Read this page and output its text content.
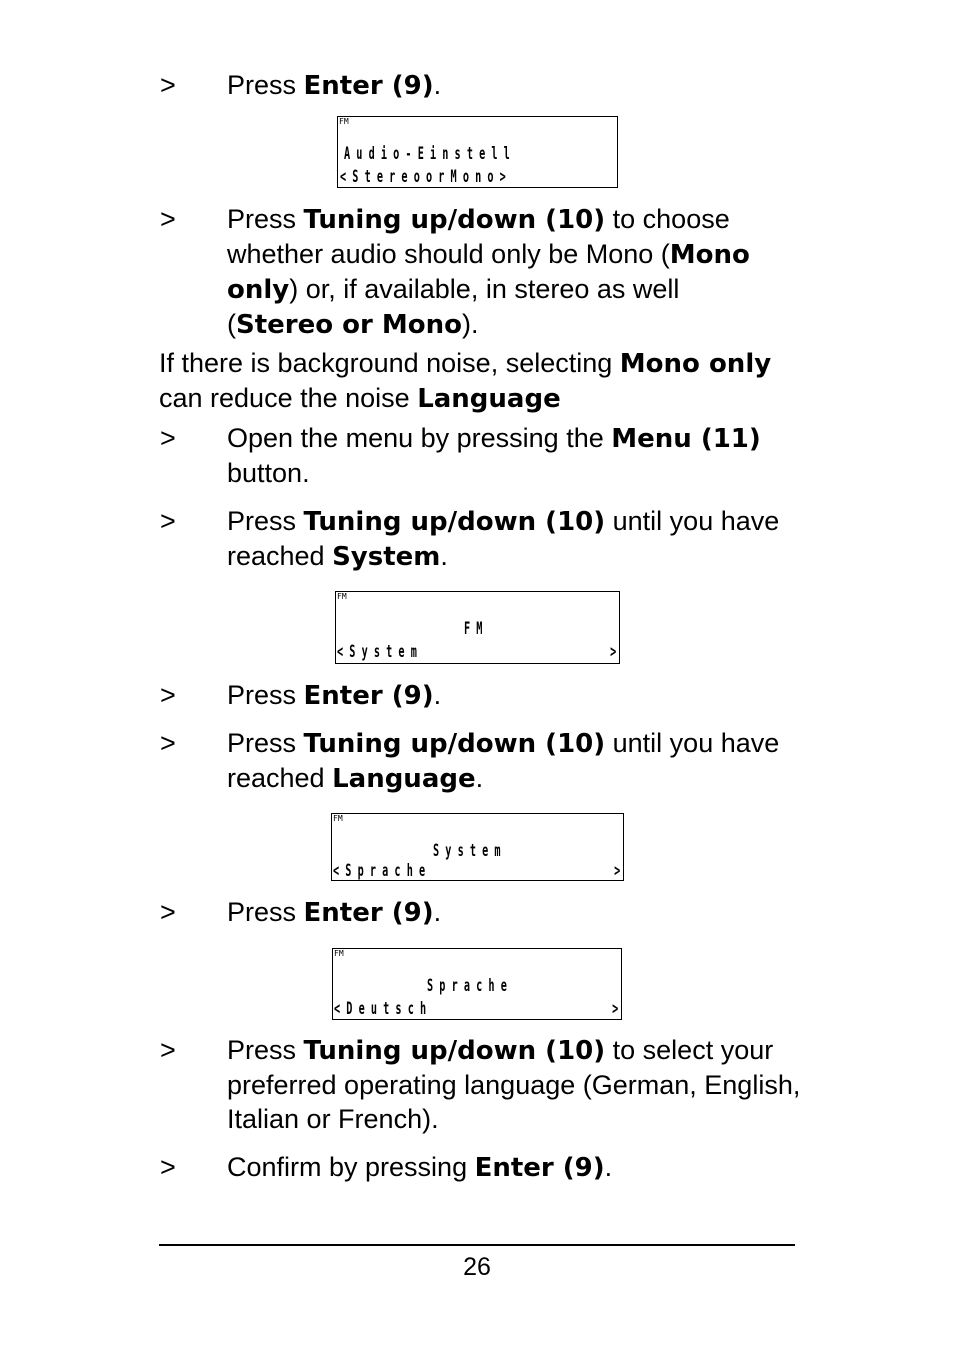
> Press Enter (9).
FM
A u d i o - E i n s t e l l
< S t e r e o o r M o n o >
> Press Tuning up/down (10) to choose whether audio should only be Mono (Mono only) or, if available, in stereo as well (Stereo or Mono).
If there is background noise, selecting Mono only can reduce the noise Language
> Open the menu by pressing the Menu (11) button.
> Press Tuning up/down (10) until you have reached System.
FM
F M
< S y s t e m	>
> Press Enter (9).
> Press Tuning up/down (10) until you have reached Language.
FM
S y s t e m
< S p r a c h e	>
> Press Enter (9).
FM
S p r a c h e
< D e u t s c h	>
> Press Tuning up/down (10) to select your preferred operating language (German, English, Italian or French).
> Confirm by pressing Enter (9).
26
